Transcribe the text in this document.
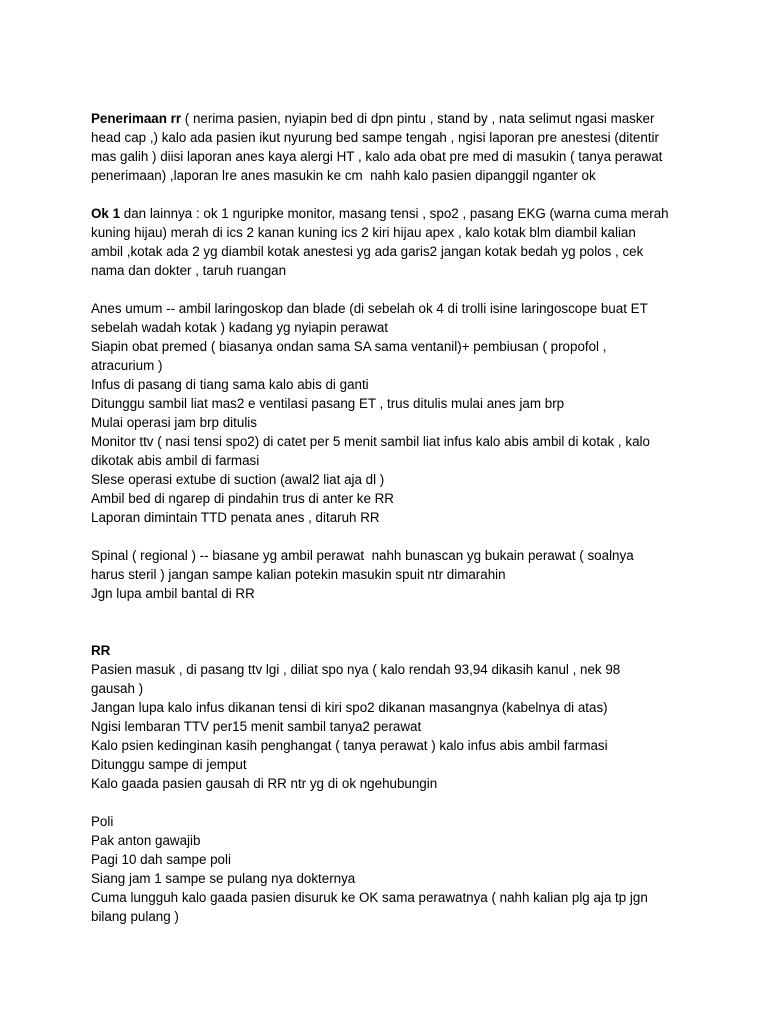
Penerimaan rr ( nerima pasien, nyiapin bed di dpn pintu , stand by , nata selimut ngasi masker
head cap ,) kalo ada pasien ikut nyurung bed sampe tengah , ngisi laporan pre anestesi (ditentir
mas galih ) diisi laporan anes kaya alergi HT , kalo ada obat pre med di masukin ( tanya perawat
penerimaan) ,laporan lre anes masukin ke cm  nahh kalo pasien dipanggil nganter ok
Ok 1 dan lainnya : ok 1 nguripke monitor, masang tensi , spo2 , pasang EKG (warna cuma merah
kuning hijau) merah di ics 2 kanan kuning ics 2 kiri hijau apex , kalo kotak blm diambil kalian
ambil ,kotak ada 2 yg diambil kotak anestesi yg ada garis2 jangan kotak bedah yg polos , cek
nama dan dokter , taruh ruangan
Anes umum -- ambil laringoskop dan blade (di sebelah ok 4 di trolli isine laringoscope buat ET
sebelah wadah kotak ) kadang yg nyiapin perawat
Siapin obat premed ( biasanya ondan sama SA sama ventanil)+ pembiusan ( propofol ,
atracurium )
Infus di pasang di tiang sama kalo abis di ganti
Ditunggu sambil liat mas2 e ventilasi pasang ET , trus ditulis mulai anes jam brp
Mulai operasi jam brp ditulis
Monitor ttv ( nasi tensi spo2) di catet per 5 menit sambil liat infus kalo abis ambil di kotak , kalo
dikotak abis ambil di farmasi
Slese operasi extube di suction (awal2 liat aja dl )
Ambil bed di ngarep di pindahin trus di anter ke RR
Laporan dimintain TTD penata anes , ditaruh RR
Spinal ( regional ) -- biasane yg ambil perawat  nahh bunascan yg bukain perawat ( soalnya
harus steril ) jangan sampe kalian potekin masukin spuit ntr dimarahin
Jgn lupa ambil bantal di RR
RR
Pasien masuk , di pasang ttv lgi , diliat spo nya ( kalo rendah 93,94 dikasih kanul , nek 98
gausah )
Jangan lupa kalo infus dikanan tensi di kiri spo2 dikanan masangnya (kabelnya di atas)
Ngisi lembaran TTV per15 menit sambil tanya2 perawat
Kalo psien kedinginan kasih penghangat ( tanya perawat ) kalo infus abis ambil farmasi
Ditunggu sampe di jemput
Kalo gaada pasien gausah di RR ntr yg di ok ngehubungin
Poli
Pak anton gawajib
Pagi 10 dah sampe poli
Siang jam 1 sampe se pulang nya dokternya
Cuma lungguh kalo gaada pasien disuruk ke OK sama perawatnya ( nahh kalian plg aja tp jgn
bilang pulang )
